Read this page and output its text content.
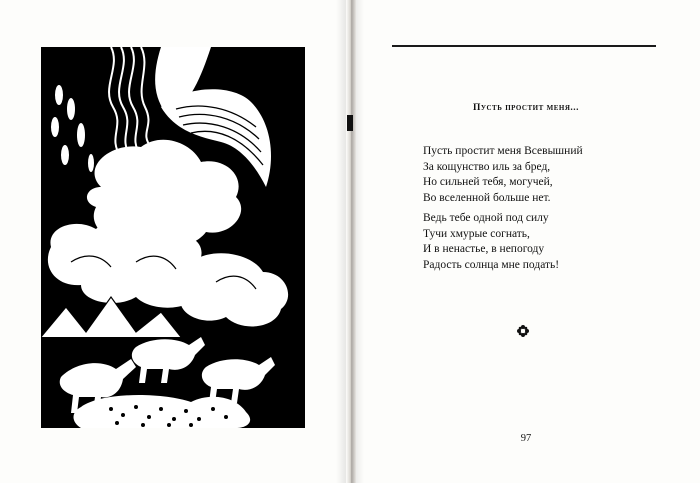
Пусть простит меня...
Пусть простит меня Всевышний
За кощунство иль за бред,
Но сильней тебя, могучей,
Во вселенной больше нет.
Ведь тебе одной под силу
Тучи хмурые согнать,
И в ненастье, в непогоду
Радость солнца мне подать!
97
